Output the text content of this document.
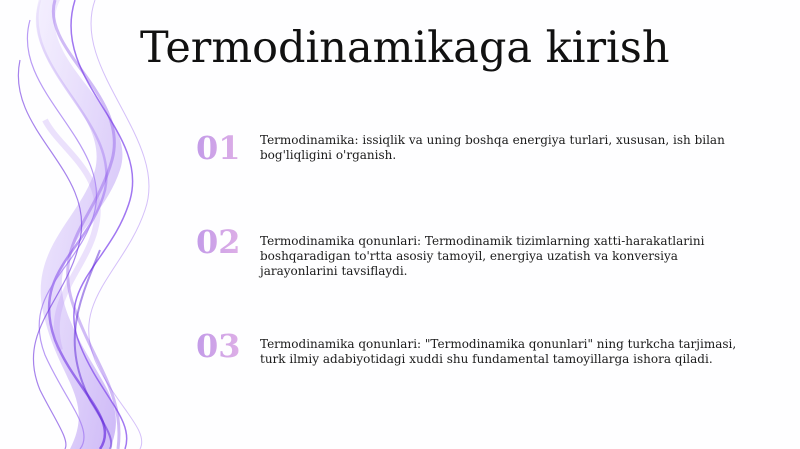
Termodinamikaga kirish
01	Termodinamika: issiqlik va uning boshqa energiya turlari, xususan, ish bilan bog'liqligini o'rganish.
02	Termodinamika qonunlari: Termodinamik tizimlarning xatti-harakatlarini boshqaradigan to'rtta asosiy tamoyil, energiya uzatish va konversiya jarayonlarini tavsiflaydi.
03	Termodinamika qonunlari: "Termodinamika qonunlari" ning turkcha tarjimasi, turk ilmiy adabiyotidagi xuddi shu fundamental tamoyillarga ishora qiladi.
